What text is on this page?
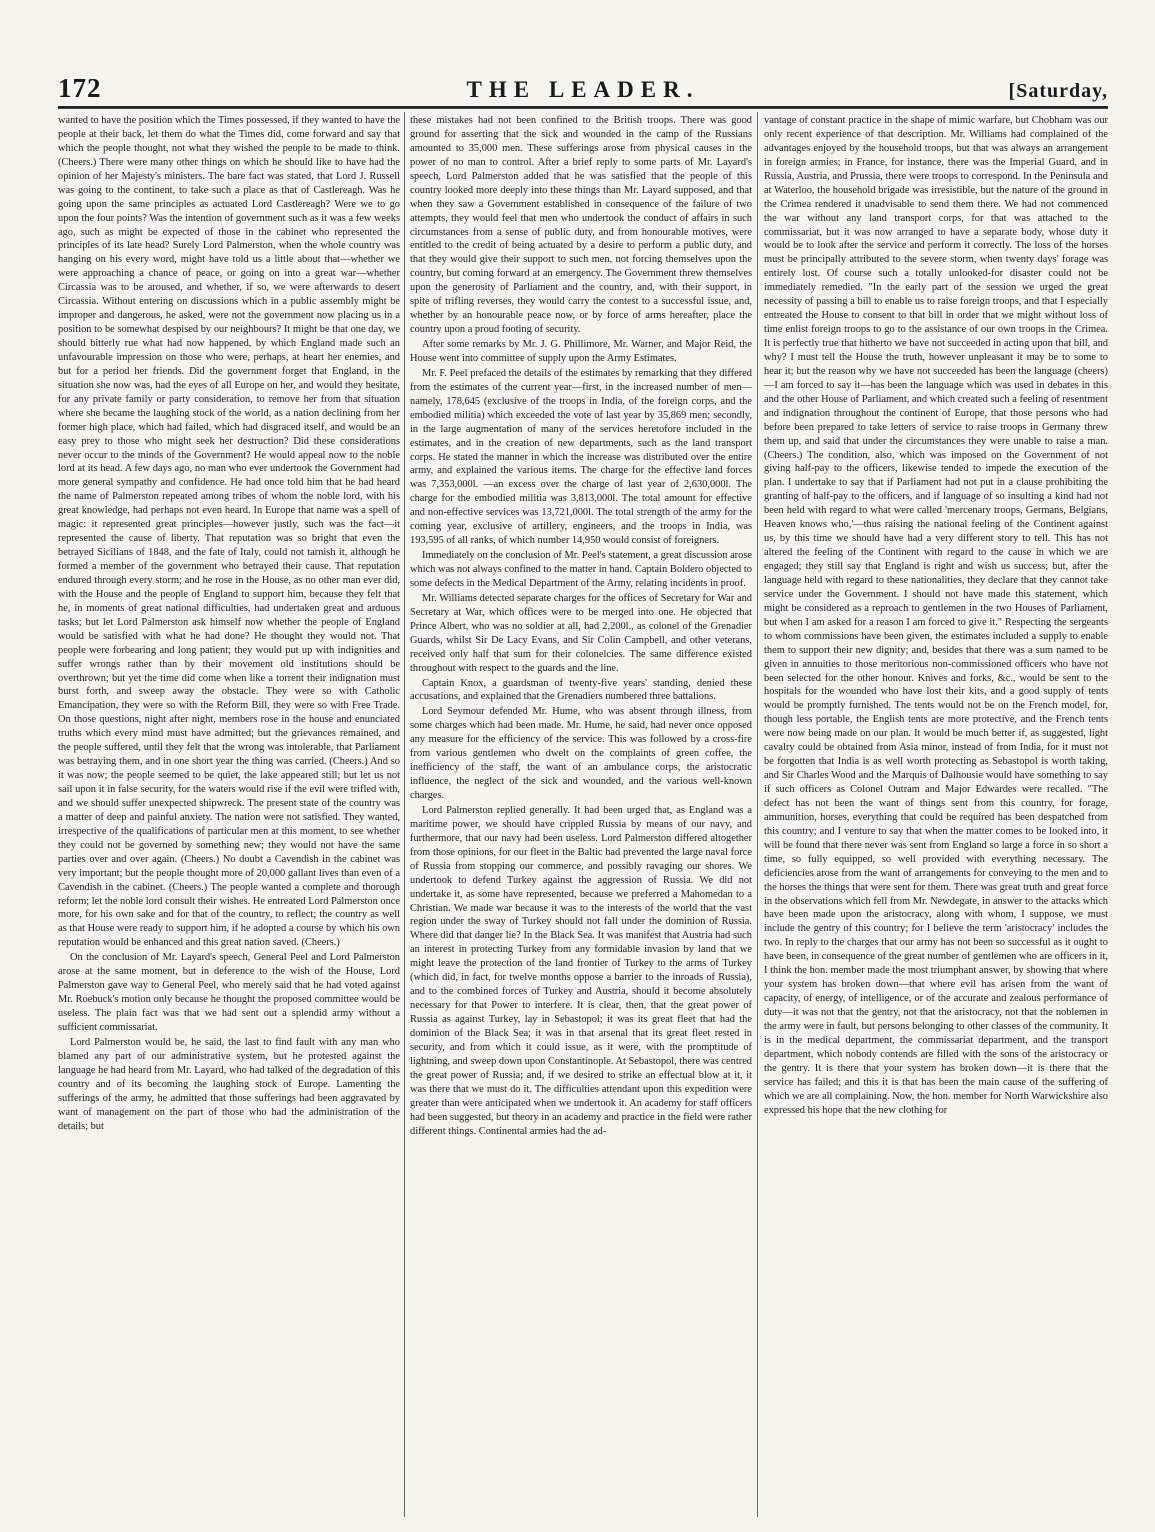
172	THE LEADER.	[Saturday,

wanted to have the position which the Times possessed, if they wanted to have the people at their back, let them do what the Times did, come forward and say that which the people thought, not what they wished the people to be made to think. (Cheers.) There were many other things on which he should like to have had the opinion of her Majesty's ministers. The bare fact was stated, that Lord J. Russell was going to the continent, to take such a place as that of Castlereagh. Was he going upon the same principles as actuated Lord Castlereagh? Were we to go upon the four points? Was the intention of government such as it was a few weeks ago, such as might be expected of those in the cabinet who represented the principles of its late head? Surely Lord Palmerston, when the whole country was hanging on his every word, might have told us a little about that—whether we were approaching a chance of peace, or going on into a great war—whether Circassia was to be aroused, and whether, if so, we were afterwards to desert Circassia. Without entering on discussions which in a public assembly might be improper and dangerous, he asked, were not the government now placing us in a position to be somewhat despised by our neighbours? It might be that one day, we should bitterly rue what had now happened, by which England made such an unfavourable impression on those who were, perhaps, at heart her enemies, and but for a period her friends. Did the government forget that England, in the situation she now was, had the eyes of all Europe on her, and would they hesitate, for any private family or party consideration, to remove her from that situation where she became the laughing stock of the world, as a nation declining from her former high place, which had failed, which had disgraced itself, and would be an easy prey to those who might seek her destruction? Did these considerations never occur to the minds of the Government? He would appeal now to the noble lord at its head. A few days ago, no man who ever undertook the Government had more general sympathy and confidence. He had once told him that he had heard the name of Palmerston repeated among tribes of whom the noble lord, with his great knowledge, had perhaps not even heard. In Europe that name was a spell of magic: it represented great principles—however justly, such was the fact—it represented the cause of liberty. That reputation was so bright that even the betrayed Sicilians of 1848, and the fate of Italy, could not tarnish it, although he formed a member of the government who betrayed their cause. That reputation endured through every storm; and he rose in the House, as no other man ever did, with the House and the people of England to support him, because they felt that he, in moments of great national difficulties, had undertaken great and arduous tasks; but let Lord Palmerston ask himself now whether the people of England would be satisfied with what he had done? He thought they would not. That people were forbearing and long patient; they would put up with indignities and suffer wrongs rather than by their movement old institutions should be overthrown; but yet the time did come when like a torrent their indignation must burst forth, and sweep away the obstacle. They were so with Catholic Emancipation, they were so with the Reform Bill, they were so with Free Trade. On those questions, night after night, members rose in the house and enunciated truths which every mind must have admitted; but the grievances remained, and the people suffered, until they felt that the wrong was intolerable, that Parliament was betraying them, and in one short year the thing was carried. (Cheers.) And so it was now; the people seemed to be quiet, the lake appeared still; but let us not sail upon it in false security, for the waters would rise if the evil were trifled with, and we should suffer unexpected shipwreck. The present state of the country was a matter of deep and painful anxiety. The nation were not satisfied. They wanted, irrespective of the qualifications of particular men at this moment, to see whether they could not be governed by something new; they would not have the same parties over and over again. (Cheers.) No doubt a Cavendish in the cabinet was very important; but the people thought more of 20,000 gallant lives than even of a Cavendish in the cabinet. (Cheers.) The people wanted a complete and thorough reform; let the noble lord consult their wishes. He entreated Lord Palmerston once more, for his own sake and for that of the country, to reflect; the country as well as that House were ready to support him, if he adopted a course by which his own reputation would be enhanced and this great nation saved. (Cheers.)

On the conclusion of Mr. Layard's speech, General Peel and Lord Palmerston arose at the same moment, but in deference to the wish of the House, Lord Palmerston gave way to General Peel, who merely said that he had voted against Mr. Roebuck's motion only because he thought the proposed committee would be useless. The plain fact was that we had sent out a splendid army without a sufficient commissariat.

Lord Palmerston would be, he said, the last to find fault with any man who blamed any part of our administrative system, but he protested against the language he had heard from Mr. Layard, who had talked of the degradation of this country and of its becoming the laughing stock of Europe. Lamenting the sufferings of the army, he admitted that those sufferings had been aggravated by want of management on the part of those who had the administration of the details; but

these mistakes had not been confined to the British troops. There was good ground for asserting that the sick and wounded in the camp of the Russians amounted to 35,000 men. These sufferings arose from physical causes in the power of no man to control. After a brief reply to some parts of Mr. Layard's speech, Lord Palmerston added that he was satisfied that the people of this country looked more deeply into these things than Mr. Layard supposed, and that when they saw a Government established in consequence of the failure of two attempts, they would feel that men who undertook the conduct of affairs in such circumstances from a sense of public duty, and from honourable motives, were entitled to the credit of being actuated by a desire to perform a public duty, and that they would give their support to such men, not forcing themselves upon the country, but coming forward at an emergency. The Government threw themselves upon the generosity of Parliament and the country, and, with their support, in spite of trifling reverses, they would carry the contest to a successful issue, and, whether by an honourable peace now, or by force of arms hereafter, place the country upon a proud footing of security.

After some remarks by Mr. J. G. Phillimore, Mr. Warner, and Major Reid, the House went into committee of supply upon the Army Estimates.

Mr. F. Peel prefaced the details of the estimates by remarking that they differed from the estimates of the current year—first, in the increased number of men—namely, 178,645 (exclusive of the troops in India, of the foreign corps, and the embodied militia) which exceeded the vote of last year by 35,869 men; secondly, in the large augmentation of many of the services heretofore included in the estimates, and in the creation of new departments, such as the land transport corps. He stated the manner in which the increase was distributed over the entire army, and explained the various items. The charge for the effective land forces was 7,353,000l. —an excess over the charge of last year of 2,630,000l. The charge for the embodied militia was 3,813,000l. The total amount for effective and non-effective services was 13,721,000l. The total strength of the army for the coming year, exclusive of artillery, engineers, and the troops in India, was 193,595 of all ranks, of which number 14,950 would consist of foreigners.

Immediately on the conclusion of Mr. Peel's statement, a great discussion arose which was not always confined to the matter in hand. Captain Boldero objected to some defects in the Medical Department of the Army, relating incidents in proof.

Mr. Williams detected separate charges for the offices of Secretary for War and Secretary at War, which offices were to be merged into one. He objected that Prince Albert, who was no soldier at all, had 2,200l., as colonel of the Grenadier Guards, whilst Sir De Lacy Evans, and Sir Colin Campbell, and other veterans, received only half that sum for their colonelcies. The same difference existed throughout with respect to the guards and the line.

Captain Knox, a guardsman of twenty-five years' standing, denied these accusations, and explained that the Grenadiers numbered three battalions.

Lord Seymour defended Mr. Hume, who was absent through illness, from some charges which had been made. Mr. Hume, he said, had never once opposed any measure for the efficiency of the service. This was followed by a cross-fire from various gentlemen who dwelt on the complaints of green coffee, the inefficiency of the staff, the want of an ambulance corps, the aristocratic influence, the neglect of the sick and wounded, and the various well-known charges.

Lord Palmerston replied generally. It had been urged that, as England was a maritime power, we should have crippled Russia by means of our navy, and furthermore, that our navy had been useless. Lord Palmerston differed altogether from those opinions, for our fleet in the Baltic had prevented the large naval force of Russia from stopping our commerce, and possibly ravaging our shores. We undertook to defend Turkey against the aggression of Russia. We did not undertake it, as some have represented, because we preferred a Mahomedan to a Christian. We made war because it was to the interests of the world that the vast region under the sway of Turkey should not fall under the dominion of Russia. Where did that danger lie? In the Black Sea. It was manifest that Austria had such an interest in protecting Turkey from any formidable invasion by land that we might leave the protection of the land frontier of Turkey to the arms of Turkey (which did, in fact, for twelve months oppose a barrier to the inroads of Russia), and to the combined forces of Turkey and Austria, should it become absolutely necessary for that Power to interfere. It is clear, then, that the great power of Russia as against Turkey, lay in Sebastopol; it was its great fleet that had the dominion of the Black Sea; it was in that arsenal that its great fleet rested in security, and from which it could issue, as it were, with the promptitude of lightning, and sweep down upon Constantinople. At Sebastopol, there was centred the great power of Russia; and, if we desired to strike an effectual blow at it, it was there that we must do it. The difficulties attendant upon this expedition were greater than were anticipated when we undertook it. An academy for staff officers had been suggested, but theory in an academy and practice in the field were rather different things. Continental armies had the ad-

vantage of constant practice in the shape of mimic warfare, but Chobham was our only recent experience of that description. Mr. Williams had complained of the advantages enjoyed by the household troops, but that was always an arrangement in foreign armies; in France, for instance, there was the Imperial Guard, and in Russia, Austria, and Prussia, there were troops to correspond. In the Peninsula and at Waterloo, the household brigade was irresistible, but the nature of the ground in the Crimea rendered it unadvisable to send them there. We had not commenced the war without any land transport corps, for that was attached to the commissariat, but it was now arranged to have a separate body, whose duty it would be to look after the service and perform it correctly. The loss of the horses must be principally attributed to the severe storm, when twenty days' forage was entirely lost. Of course such a totally unlooked-for disaster could not be immediately remedied. "In the early part of the session we urged the great necessity of passing a bill to enable us to raise foreign troops, and that I especially entreated the House to consent to that bill in order that we might without loss of time enlist foreign troops to go to the assistance of our own troops in the Crimea. It is perfectly true that hitherto we have not succeeded in acting upon that bill, and why? I must tell the House the truth, however unpleasant it may be to some to hear it; but the reason why we have not succeeded has been the language (cheers)—I am forced to say it—has been the language which was used in debates in this and the other House of Parliament, and which created such a feeling of resentment and indignation throughout the continent of Europe, that those persons who had before been prepared to take letters of service to raise troops in Germany threw them up, and said that under the circumstances they were unable to raise a man. (Cheers.) The condition, also, which was imposed on the Government of not giving half-pay to the officers, likewise tended to impede the execution of the plan. I undertake to say that if Parliament had not put in a clause prohibiting the granting of half-pay to the officers, and if language of so insulting a kind had not been held with regard to what were called 'mercenary troops, Germans, Belgians, Heaven knows who,'—thus raising the national feeling of the Continent against us, by this time we should have had a very different story to tell. This has not altered the feeling of the Continent with regard to the cause in which we are engaged; they still say that England is right and wish us success; but, after the language held with regard to these nationalities, they declare that they cannot take service under the Government. I should not have made this statement, which might be considered as a reproach to gentlemen in the two Houses of Parliament, but when I am asked for a reason I am forced to give it." Respecting the sergeants to whom commissions have been given, the estimates included a supply to enable them to support their new dignity; and, besides that there was a sum named to be given in annuities to those meritorious non-commissioned officers who have not been selected for the other honour. Knives and forks, &c., would be sent to the hospitals for the wounded who have lost their kits, and a good supply of tents would be promptly furnished. The tents would not be on the French model, for, though less portable, the English tents are more protective, and the French tents were now being made on our plan. It would be much better if, as suggested, light cavalry could be obtained from Asia minor, instead of from India, for it must not be forgotten that India is as well worth protecting as Sebastopol is worth taking, and Sir Charles Wood and the Marquis of Dalhousie would have something to say if such officers as Colonel Outram and Major Edwardes were recalled. "The defect has not been the want of things sent from this country, for forage, ammunition, horses, everything that could be required has been despatched from this country; and I venture to say that when the matter comes to be looked into, it will be found that there never was sent from England so large a force in so short a time, so fully equipped, so well provided with everything necessary. The deficiencies arose from the want of arrangements for conveying to the men and to the horses the things that were sent for them. There was great truth and great force in the observations which fell from Mr. Newdegate, in answer to the attacks which have been made upon the aristocracy, along with whom, I suppose, we must include the gentry of this country; for I believe the term 'aristocracy' includes the two. In reply to the charges that our army has not been so successful as it ought to have been, in consequence of the great number of gentlemen who are officers in it, I think the hon. member made the most triumphant answer, by showing that where your system has broken down—that where evil has arisen from the want of capacity, of energy, of intelligence, or of the accurate and zealous performance of duty—it was not that the gentry, not that the aristocracy, not that the noblemen in the army were in fault, but persons belonging to other classes of the community. It is in the medical department, the commissariat department, and the transport department, which nobody contends are filled with the sons of the aristocracy or the gentry. It is there that your system has broken down—it is there that the service has failed; and this it is that has been the main cause of the suffering of which we are all complaining. Now, the hon. member for North Warwickshire also expressed his hope that the new clothing for
